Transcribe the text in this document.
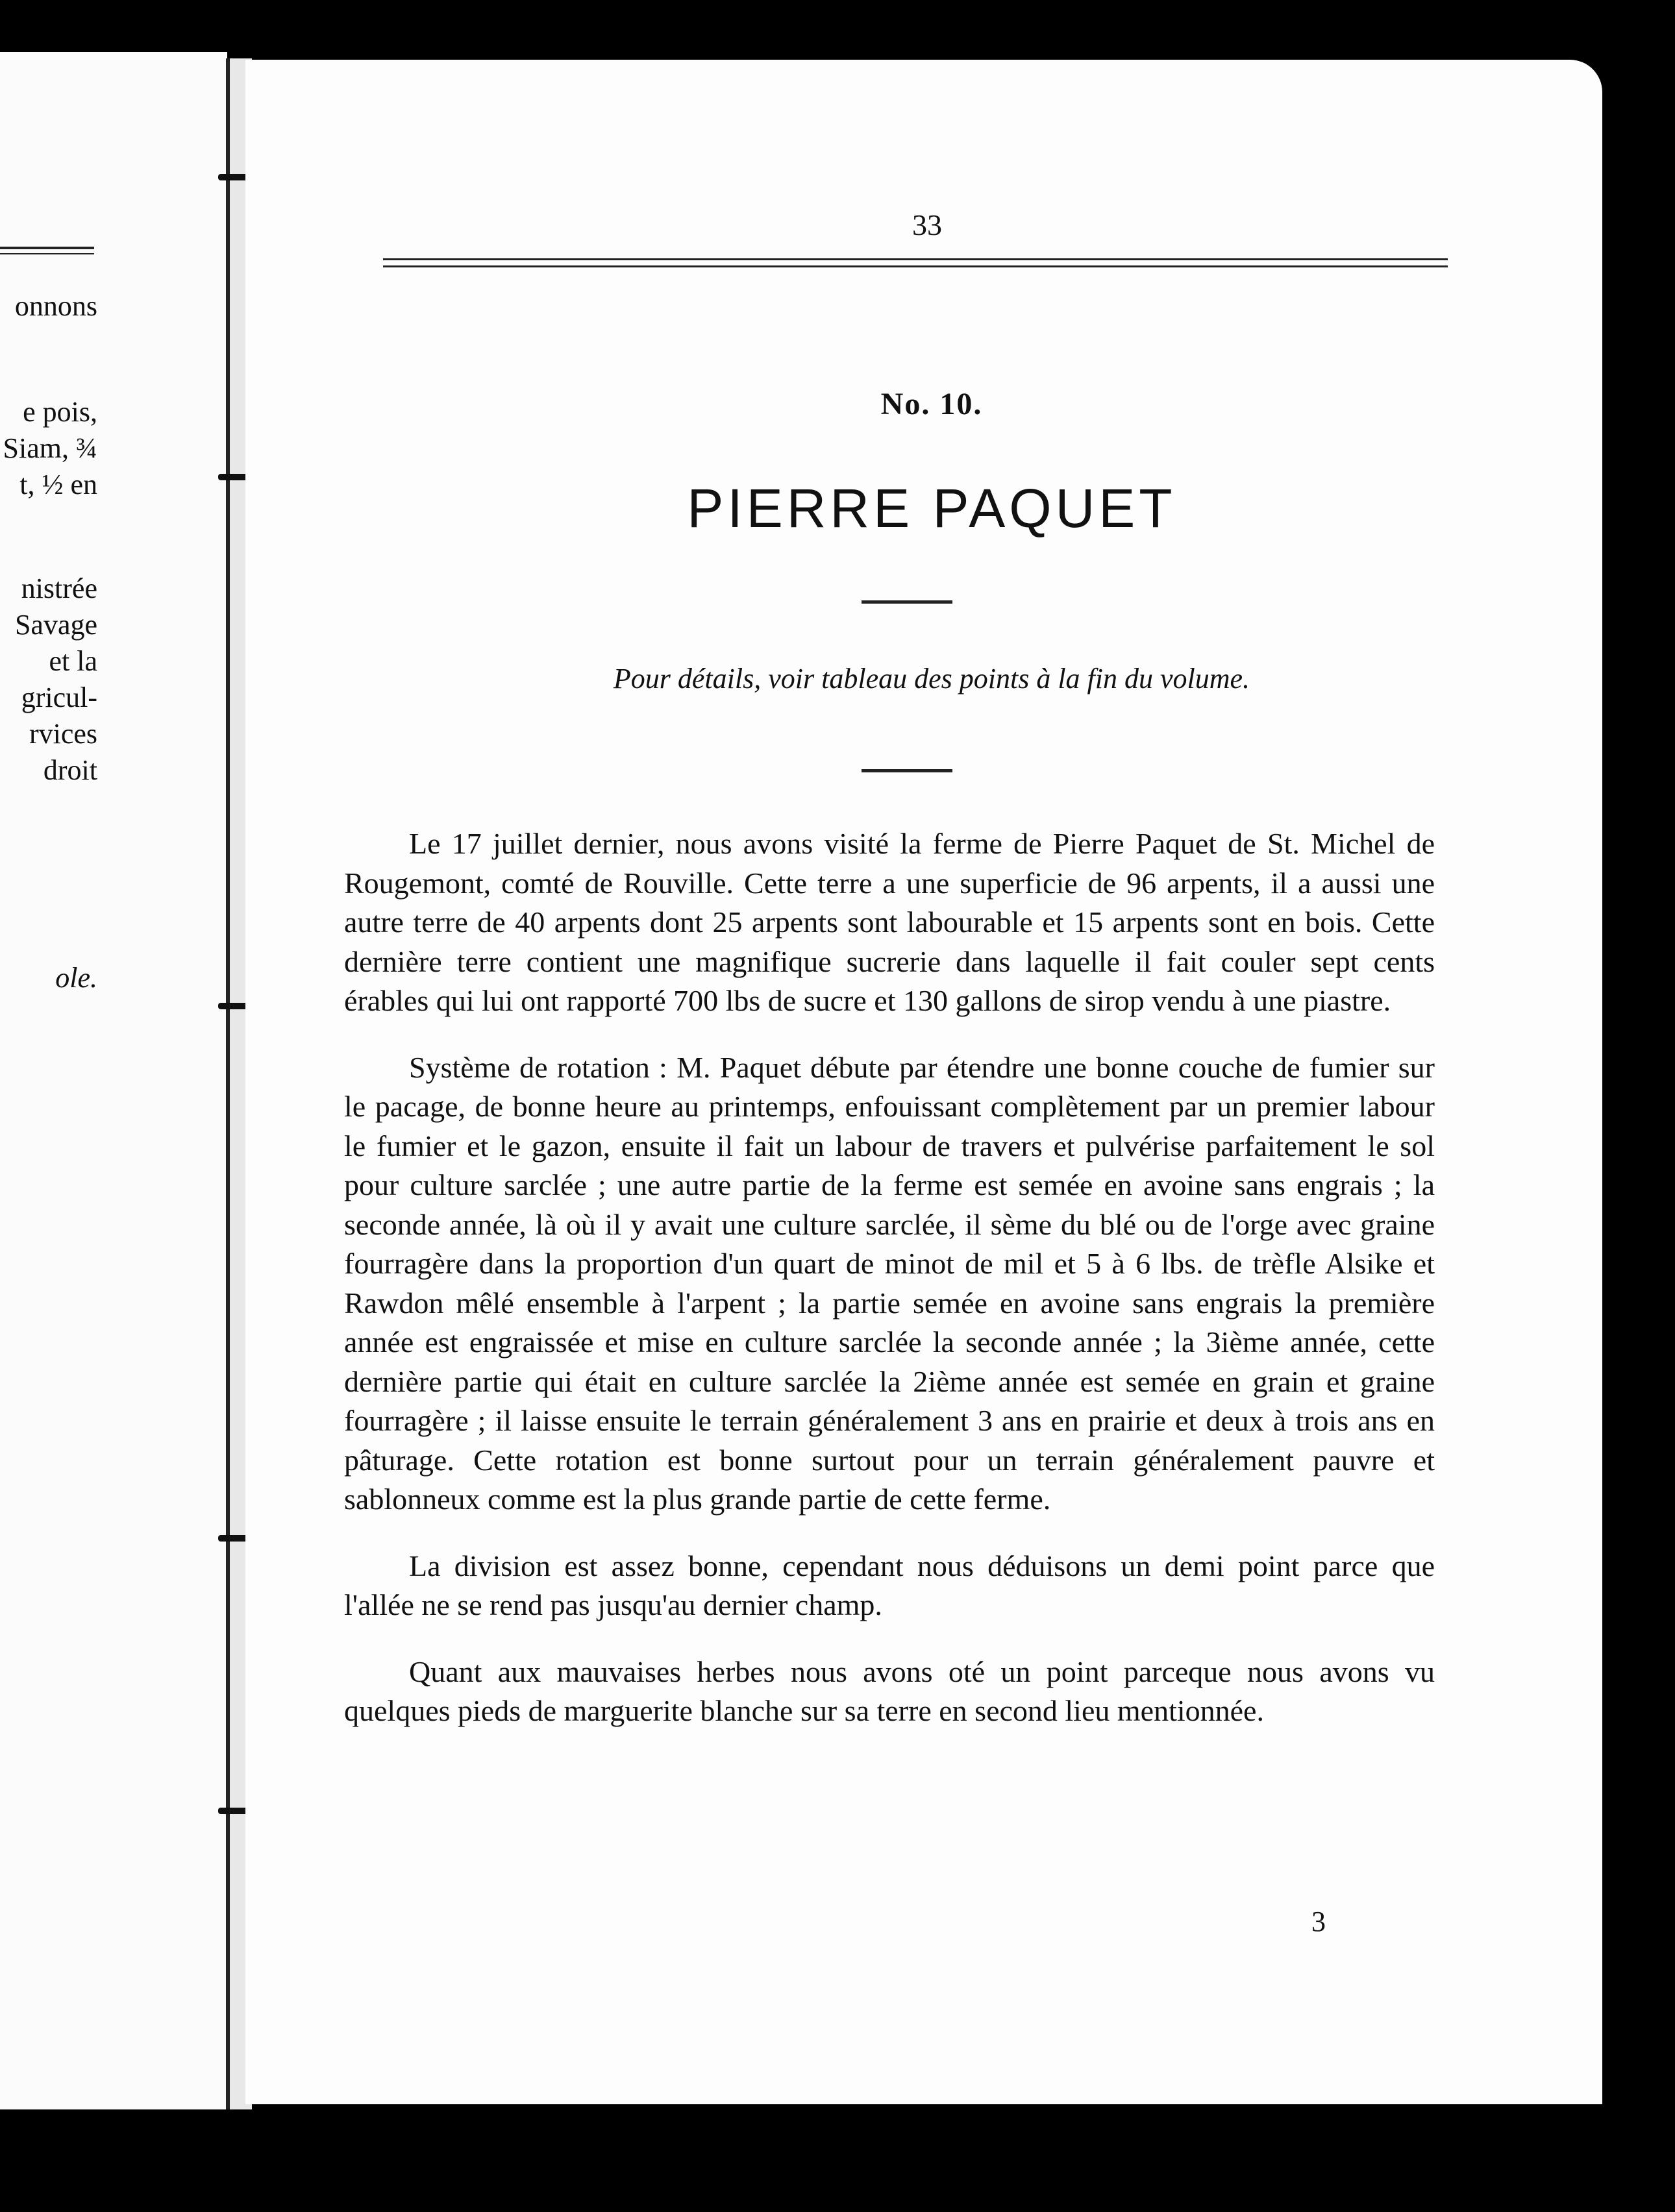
onnons
e pois,
Siam, ¾
t, ½ en
nistrée
Savage
et la
gricul-
rvices
droit
ole.
33
No. 10.
PIERRE PAQUET
Pour détails, voir tableau des points à la fin du volume.

Le 17 juillet dernier, nous avons visité la ferme de Pierre Paquet de St. Michel de Rougemont, comté de Rouville. Cette terre a une superficie de 96 arpents, il a aussi une autre terre de 40 arpents dont 25 arpents sont labourable et 15 arpents sont en bois. Cette dernière terre contient une magnifique sucrerie dans laquelle il fait couler sept cents érables qui lui ont rapporté 700 lbs de sucre et 130 gallons de sirop vendu à une piastre.

Système de rotation : M. Paquet débute par étendre une bonne couche de fumier sur le pacage, de bonne heure au printemps, enfouissant complètement par un premier labour le fumier et le gazon, ensuite il fait un labour de travers et pulvérise parfaitement le sol pour culture sarclée ; une autre partie de la ferme est semée en avoine sans engrais ; la seconde année, là où il y avait une culture sarclée, il sème du blé ou de l'orge avec graine fourragère dans la proportion d'un quart de minot de mil et 5 à 6 lbs. de trèfle Alsike et Rawdon mêlé ensemble à l'arpent ; la partie semée en avoine sans engrais la première année est engraissée et mise en culture sarclée la seconde année ; la 3ième année, cette dernière partie qui était en culture sarclée la 2ième année est semée en grain et graine fourragère ; il laisse ensuite le terrain généralement 3 ans en prairie et deux à trois ans en pâturage. Cette rotation est bonne surtout pour un terrain généralement pauvre et sablonneux comme est la plus grande partie de cette ferme.

La division est assez bonne, cependant nous déduisons un demi point parce que l'allée ne se rend pas jusqu'au dernier champ.

Quant aux mauvaises herbes nous avons oté un point parceque nous avons vu quelques pieds de marguerite blanche sur sa terre en second lieu mentionnée.

3
